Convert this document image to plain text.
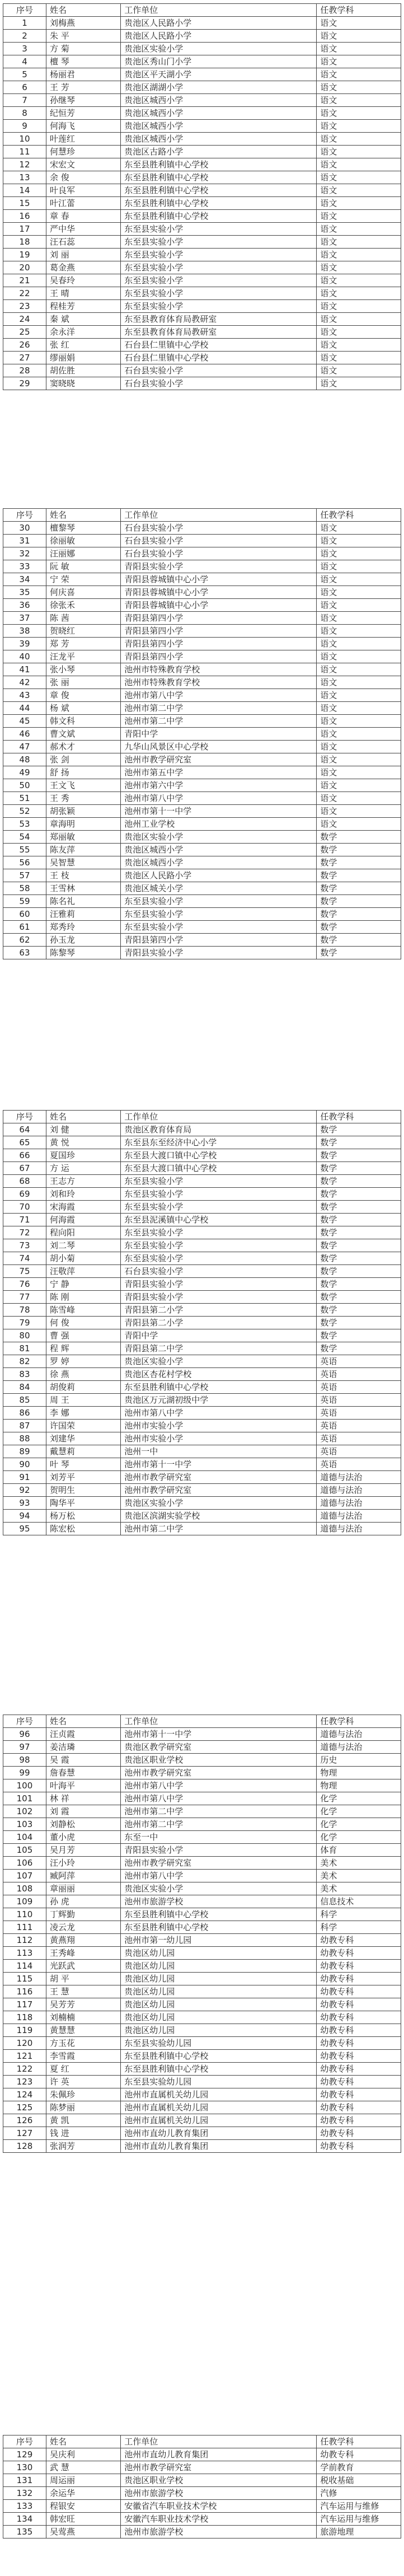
序号	姓名	工作单位	任教学科
1	刘梅燕	贵池区人民路小学	语文
2	朱 平	贵池区人民路小学	语文
3	方 菊	贵池区实验小学	语文
4	檀 琴	贵池区秀山门小学	语文
5	杨丽君	贵池区平天湖小学	语文
6	王 芳	贵池区湖湖小学	语文
7	孙继琴	贵池区城西小学	语文
8	纪恒芳	贵池区城西小学	语文
9	何海飞	贵池区城西小学	语文
10	叶莲红	贵池区城西小学	语文
11	何慧珍	贵池区古路小学	语文
12	宋宏文	东至县胜利镇中心学校	语文
13	余 俊	东至县胜利镇中心学校	语文
14	叶良军	东至县胜利镇中心学校	语文
15	叶江蕾	东至县胜利镇中心学校	语文
16	章 春	东至县胜利镇中心学校	语文
17	严中华	东至县实验小学	语文
18	汪石蕊	东至县实验小学	语文
19	刘 丽	东至县实验小学	语文
20	葛金燕	东至县实验小学	语文
21	吴春玲	东至县实验小学	语文
22	王 晴	东至县实验小学	语文
23	程桂芳	东至县实验小学	语文
24	秦 斌	东至县教育体育局教研室	语文
25	余永洋	东至县教育体育局教研室	语文
26	张 红	石台县仁里镇中心学校	语文
27	缪丽娟	石台县仁里镇中心学校	语文
28	胡佐胜	石台县实验小学	语文
29	窦晓晓	石台县实验小学	语文
序号	姓名	工作单位	任教学科
30	檀黎琴	石台县实验小学	语文
31	徐丽敏	石台县实验小学	语文
32	汪丽娜	石台县实验小学	语文
33	阮 敏	青阳县实验小学	语文
34	宁 荣	青阳县蓉城镇中心小学	语文
35	何庆喜	青阳县蓉城镇中心小学	语文
36	徐张禾	青阳县蓉城镇中心小学	语文
37	陈 茜	青阳县第四小学	语文
38	贺晓红	青阳县第四小学	语文
39	郑 芳	青阳县第四小学	语文
40	汪龙平	青阳县第四小学	语文
41	张小琴	池州市特殊教育学校	语文
42	张 丽	池州市特殊教育学校	语文
43	章 俊	池州市第八中学	语文
44	杨 斌	池州市第二中学	语文
45	韩文科	池州市第二中学	语文
46	曹文斌	青阳中学	语文
47	郝术才	九华山风景区中心学校	语文
48	张 剑	池州市教学研究室	语文
49	舒 扬	池州市第五中学	语文
50	王文飞	池州市第六中学	语文
51	王 秀	池州市第八中学	语文
52	胡张颖	池州市第十一中学	语文
53	章海明	池州工业学校	语文
54	郑丽敏	贵池区实验小学	数学
55	陈友萍	贵池区城西小学	数学
56	吴智慧	贵池区城西小学	数学
57	王 枝	贵池区人民路小学	数学
58	王雪林	贵池区城关小学	数学
59	陈名礼	东至县实验小学	数学
60	汪雅莉	东至县实验小学	数学
61	郑秀玲	东至县实验小学	数学
62	孙玉龙	青阳县第四小学	数学
63	陈黎琴	青阳县实验小学	数学
序号	姓名	工作单位	任教学科
64	刘 健	贵池区教育体育局	数学
65	黄 悦	东至县东至经济中心小学	数学
66	夏国珍	东至县大渡口镇中心学校	数学
67	方 运	东至县大渡口镇中心学校	数学
68	王志方	东至县实验小学	数学
69	刘和玲	东至县实验小学	数学
70	宋海霞	东至县实验小学	数学
71	何海霞	东至县泥溪镇中心学校	数学
72	程向阳	东至县实验小学	数学
73	刘二琴	东至县实验小学	数学
74	胡小菊	东至县实验小学	数学
75	汪敬萍	石台县实验小学	数学
76	宁 静	青阳县实验小学	数学
77	陈 刚	青阳县实验小学	数学
78	陈雪峰	青阳县第二小学	数学
79	何 俊	青阳县第二小学	数学
80	曹 强	青阳中学	数学
81	程 辉	青阳县第二中学	数学
82	罗 婷	贵池区实验小学	英语
83	徐 燕	贵池区杏花村学校	英语
84	胡俊莉	东至县胜利镇中心学校	英语
85	周 王	贵池区万元湖初级中学	英语
86	李 娜	池州市第八中学	英语
87	许国荣	池州市实验小学	英语
88	刘建华	池州市实验小学	英语
89	戴慧莉	池州一中	英语
90	叶 琴	池州市第十一中学	英语
91	刘芳平	池州市教学研究室	道德与法治
92	贺明生	池州市教学研究室	道德与法治
93	陶华平	贵池区实验小学	道德与法治
94	杨万松	贵池区滨湖实验学校	道德与法治
95	陈宏松	池州市第二中学	道德与法治
序号	姓名	工作单位	任教学科
96	汪贞霞	池州市第十一中学	道德与法治
97	姜洁璘	贵池区教学研究室	道德与法治
98	吴 霞	贵池区职业学校	历史
99	詹春慧	池州市教学研究室	物理
100	叶海平	池州市第八中学	物理
101	林 祥	池州市第八中学	化学
102	刘 霞	池州市第二中学	化学
103	刘静松	池州市第二中学	化学
104	董小虎	东至一中	化学
105	吴月芳	青阳县实验小学	体育
106	汪小玲	池州市教学研究室	美术
107	臧阿萍	池州市第八中学	美术
108	章丽丽	贵池区实验小学	美术
109	孙 虎	池州市旅游学校	信息技术
110	丁辉勤	东至县胜利镇中心学校	科学
111	凌云龙	东至县胜利镇中心学校	科学
112	黄燕翔	池州市第一幼儿园	幼教专科
113	王秀峰	贵池区幼儿园	幼教专科
114	光跃武	贵池区幼儿园	幼教专科
115	胡 平	贵池区幼儿园	幼教专科
116	王 慧	贵池区幼儿园	幼教专科
117	吴芳芳	贵池区幼儿园	幼教专科
118	刘楠楠	贵池区幼儿园	幼教专科
119	黄慧慧	贵池区幼儿园	幼教专科
120	方玉花	东至县实验幼儿园	幼教专科
121	李雪霞	东至县胜利镇中心学校	幼教专科
122	夏 红	东至县胜利镇中心学校	幼教专科
123	许 英	东至县实验幼儿园	幼教专科
124	朱佩珍	池州市直属机关幼儿园	幼教专科
125	陈梦丽	池州市直属机关幼儿园	幼教专科
126	黄 凯	池州市直属机关幼儿园	幼教专科
127	钱 进	池州市直幼儿教育集团	幼教专科
128	张润芳	池州市直幼儿教育集团	幼教专科
序号	姓名	工作单位	任教学科
129	吴庆利	池州市直幼儿教育集团	幼教专科
130	武 慧	池州市教学研究室	学前教育
131	周运丽	贵池区职业学校	税收基础
132	余运华	池州市旅游学校	汽修
133	程银安	安徽省汽车职业技术学校	汽车运用与维修
134	韩宏旺	安徽汽车职业技术学校	汽车运用与维修
135	吴莺燕	池州市旅游学校	旅游地理
